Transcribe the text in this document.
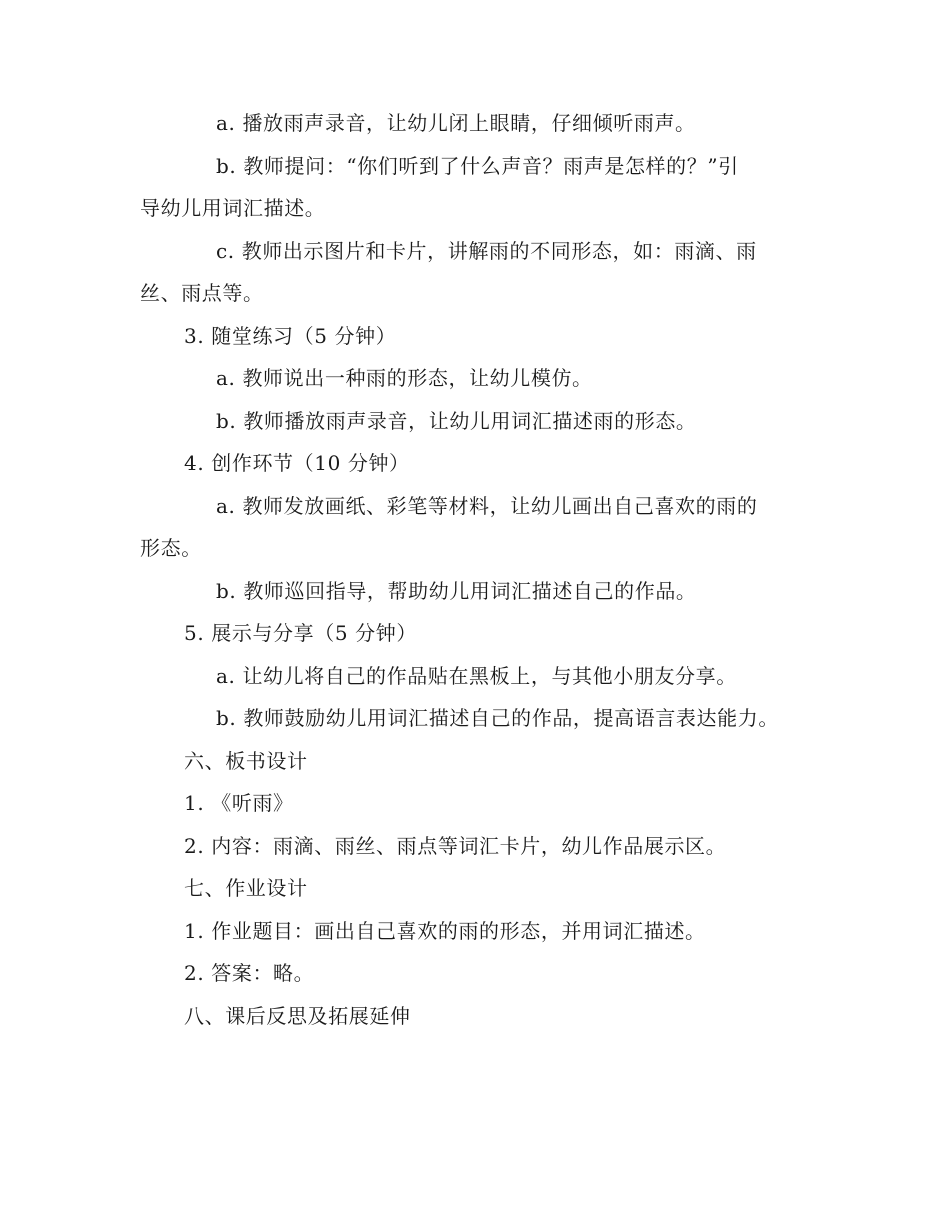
a. 播放雨声录音，让幼儿闭上眼睛，仔细倾听雨声。
b. 教师提问：“你们听到了什么声音？雨声是怎样的？”引
导幼儿用词汇描述。
c. 教师出示图片和卡片，讲解雨的不同形态，如：雨滴、雨
丝、雨点等。
3. 随堂练习（5 分钟）
a. 教师说出一种雨的形态，让幼儿模仿。
b. 教师播放雨声录音，让幼儿用词汇描述雨的形态。
4. 创作环节（10 分钟）
a. 教师发放画纸、彩笔等材料，让幼儿画出自己喜欢的雨的
形态。
b. 教师巡回指导，帮助幼儿用词汇描述自己的作品。
5. 展示与分享（5 分钟）
a. 让幼儿将自己的作品贴在黑板上，与其他小朋友分享。
b. 教师鼓励幼儿用词汇描述自己的作品，提高语言表达能力。
六、板书设计
1. 《听雨》
2. 内容：雨滴、雨丝、雨点等词汇卡片，幼儿作品展示区。
七、作业设计
1. 作业题目：画出自己喜欢的雨的形态，并用词汇描述。
2. 答案：略。
八、课后反思及拓展延伸
